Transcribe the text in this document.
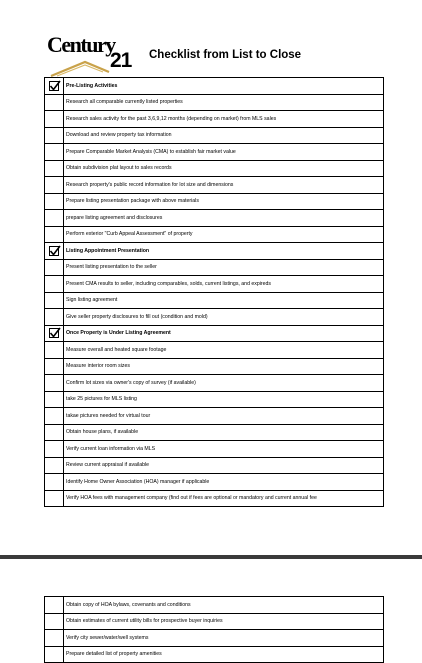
Century
21 Checklist from List to Close
	Pre-Listing Activities
	Research all comparable currently listed properties
	Research sales activity for the past 3,6,9,12 months (depending on market) from MLS sales
	Download and review property tax information
	Prepare Comparable Market Analysis (CMA) to establish fair market value
	Obtain subdivision plat layout to sales records
	Research property's public record information for lot size and dimensions
	Prepare listing presentation package with above materials
	prepare listing agreement and disclosures
	Perform exterior "Curb Appeal Assessment" of property

	Listing Appointment Presentation
	Present listing presentation to the seller
	Present CMA results to seller, including comparables, solds, current listings, and expireds
	Sign listing agreement
	Give seller property disclosures to fill out (condition and mold)

	Once Property is Under Listing Agreement
	Measure overall and heated square footage
	Measure interior room sizes
	Confirm lot sizes via owner's copy of survey (if available)
	take 25 pictures for MLS listing
	takae pictures needed for virtual tour
	Obtain house plans, if available
	Verify current loan information via MLS
	Review current appraisal if available
	Identify Home Owner Association (HOA) manager if applicable
	Verify HOA fees with management company (find out if fees are optional or mandatory and current annual fee
	Obtain copy of HOA bylaws, covenants and conditions
	Obtain estimates of current utility bills for prospective buyer inquiries
	Verify city sewer/water/well systems
	Prepare detailed list of property amenities
